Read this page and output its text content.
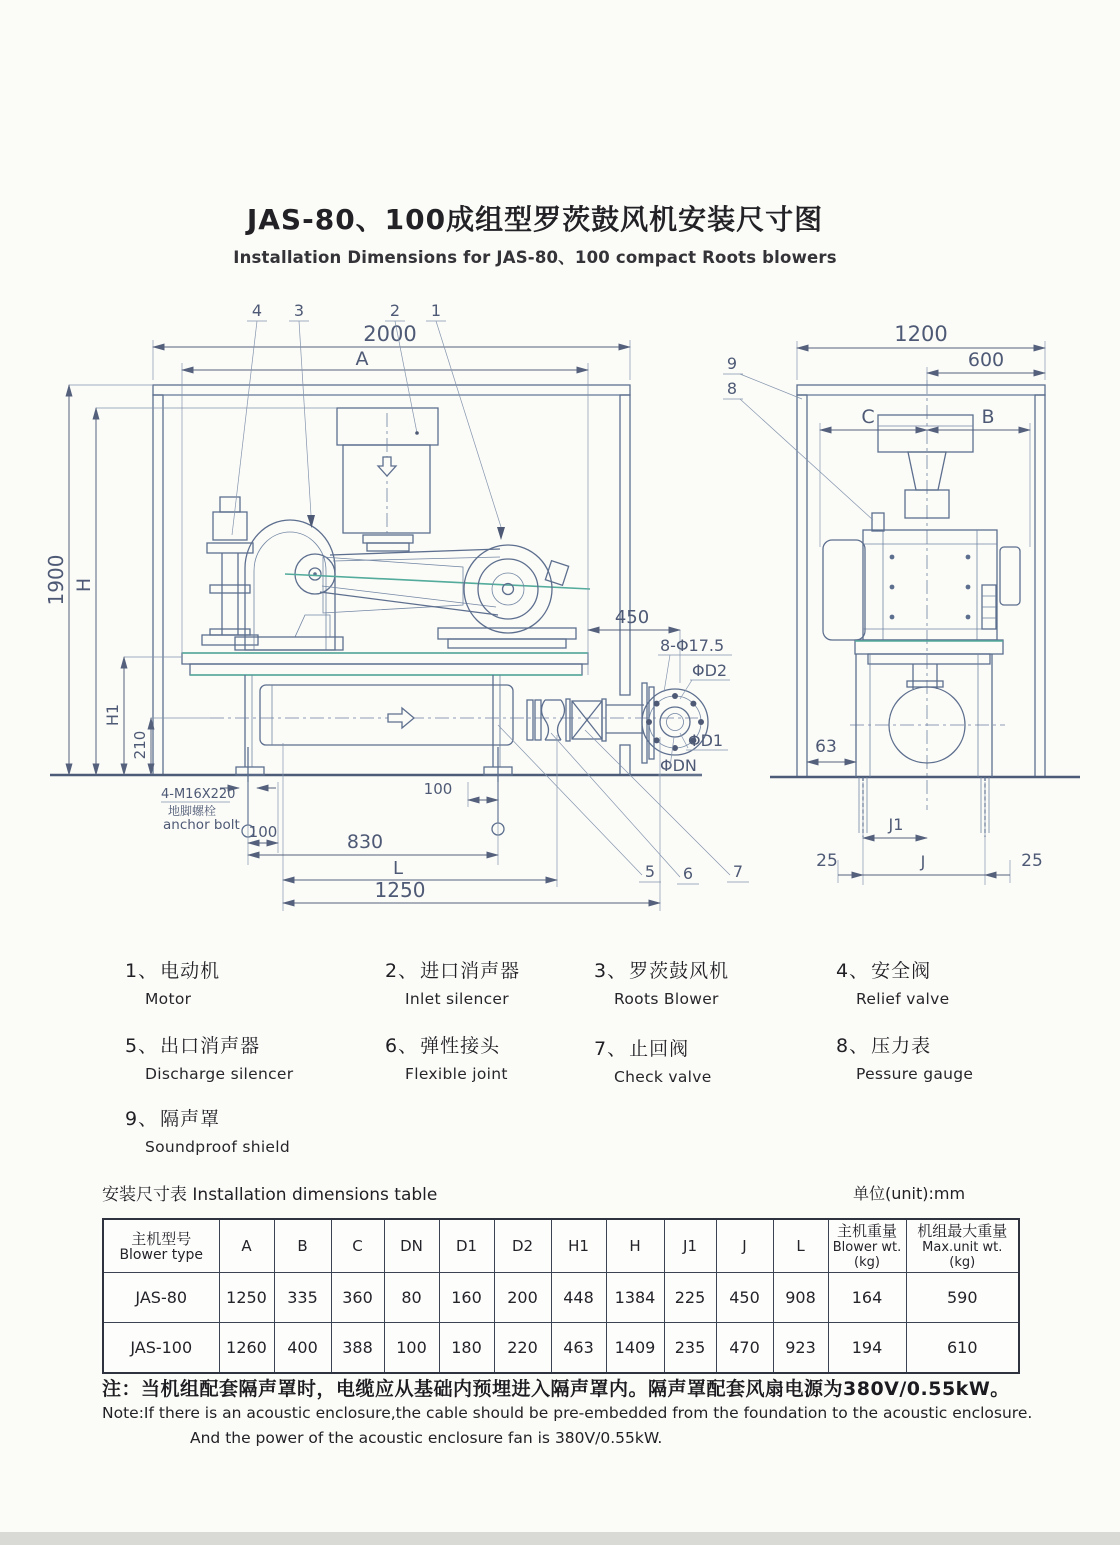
JAS-80、100成组型罗茨鼓风机安装尺寸图
Installation Dimensions for JAS-80、100 compact Roots blowers
2000
A
1900 H
H1
210
450
100
100
830
L
1250
8-Φ17.5
ΦD2
ΦD1
ΦDN
4-M16X220
地脚螺栓
anchor bolt
4 3	2 1
5 6 7
1200
600
C	B
63
J1
J
25	25
9
8
1、 电动机
Motor
2、 进口消声器
Inlet silencer
3、 罗茨鼓风机
Roots Blower
4、 安全阀
Relief valve
5、 出口消声器
Discharge silencer
6、 弹性接头
Flexible joint
7、 止回阀
Check valve
8、 压力表
Pessure gauge
9、 隔声罩
Soundproof shield
安装尺寸表 Installation dimensions table	单位(unit):mm
主机型号
Blower type	A	B	C	DN	D1	D2	H1	H	J1	J	L	主机重量
Blower wt.
(kg)	机组最大重量
Max.unit wt.
(kg)

JAS-80	1250	335	360	80	160	200	448	1384	225	450	908	164	590
JAS-100	1260	400	388	100	180	220	463	1409	235	470	923	194	610
注：当机组配套隔声罩时，电缆应从基础内预埋进入隔声罩内。隔声罩配套风扇电源为380V/0.55kW。
Note:If there is an acoustic enclosure,the cable should be pre-embedded from the foundation to the acoustic enclosure.
And the power of the acoustic enclosure fan is 380V/0.55kW.
